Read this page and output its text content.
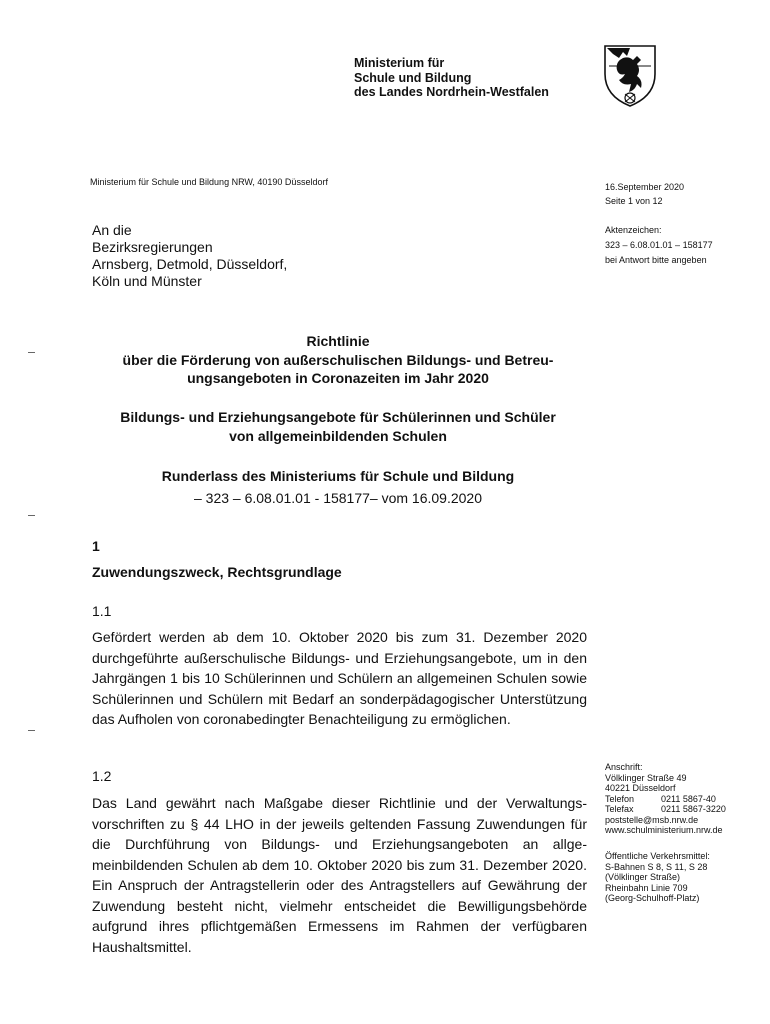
Ministerium für
Schule und Bildung
des Landes Nordrhein-Westfalen
Ministerium für Schule und Bildung NRW, 40190 Düsseldorf	16.September 2020
Seite 1 von 12
Aktenzeichen:
323 – 6.08.01.01 – 158177
bei Antwort bitte angeben
An die
Bezirksregierungen
Arnsberg, Detmold, Düsseldorf,
Köln und Münster
Richtlinie
über die Förderung von außerschulischen Bildungs- und Betreu-
ungsangeboten in Coronazeiten im Jahr 2020
Bildungs- und Erziehungsangebote für Schülerinnen und Schüler
von allgemeinbildenden Schulen
Runderlass des Ministeriums für Schule und Bildung
– 323 – 6.08.01.01 - 158177– vom 16.09.2020
1
Zuwendungszweck, Rechtsgrundlage
1.1
Gefördert werden ab dem 10. Oktober 2020 bis zum 31. Dezember 2020 durchgeführte außerschulische Bildungs- und Erziehungsangebote, um in den Jahrgängen 1 bis 10 Schülerinnen und Schülern an allgemeinen Schulen sowie Schülerinnen und Schülern mit Bedarf an sonderpädagogischer Unterstützung das Aufholen von coronabedingter Benachteiligung zu ermöglichen.
1.2
Das Land gewährt nach Maßgabe dieser Richtlinie und der Verwaltungsvorschriften zu § 44 LHO in der jeweils geltenden Fassung Zuwendungen für die Durchführung von Bildungs- und Erziehungsangeboten an allgemeinbildenden Schulen ab dem 10. Oktober 2020 bis zum 31. Dezember 2020. Ein Anspruch der Antragstellerin oder des Antragstellers auf Gewährung der Zuwendung besteht nicht, vielmehr entscheidet die Bewilligungsbehörde aufgrund ihres pflichtgemäßen Ermessens im Rahmen der verfügbaren Haushaltsmittel.
Anschrift:
Völklinger Straße 49
40221 Düsseldorf
Telefon	0211 5867-40
Telefax	0211 5867-3220
poststelle@msb.nrw.de
www.schulministerium.nrw.de
Öffentliche Verkehrsmittel:
S-Bahnen S 8, S 11, S 28
(Völklinger Straße)
Rheinbahn Linie 709
(Georg-Schulhoff-Platz)
